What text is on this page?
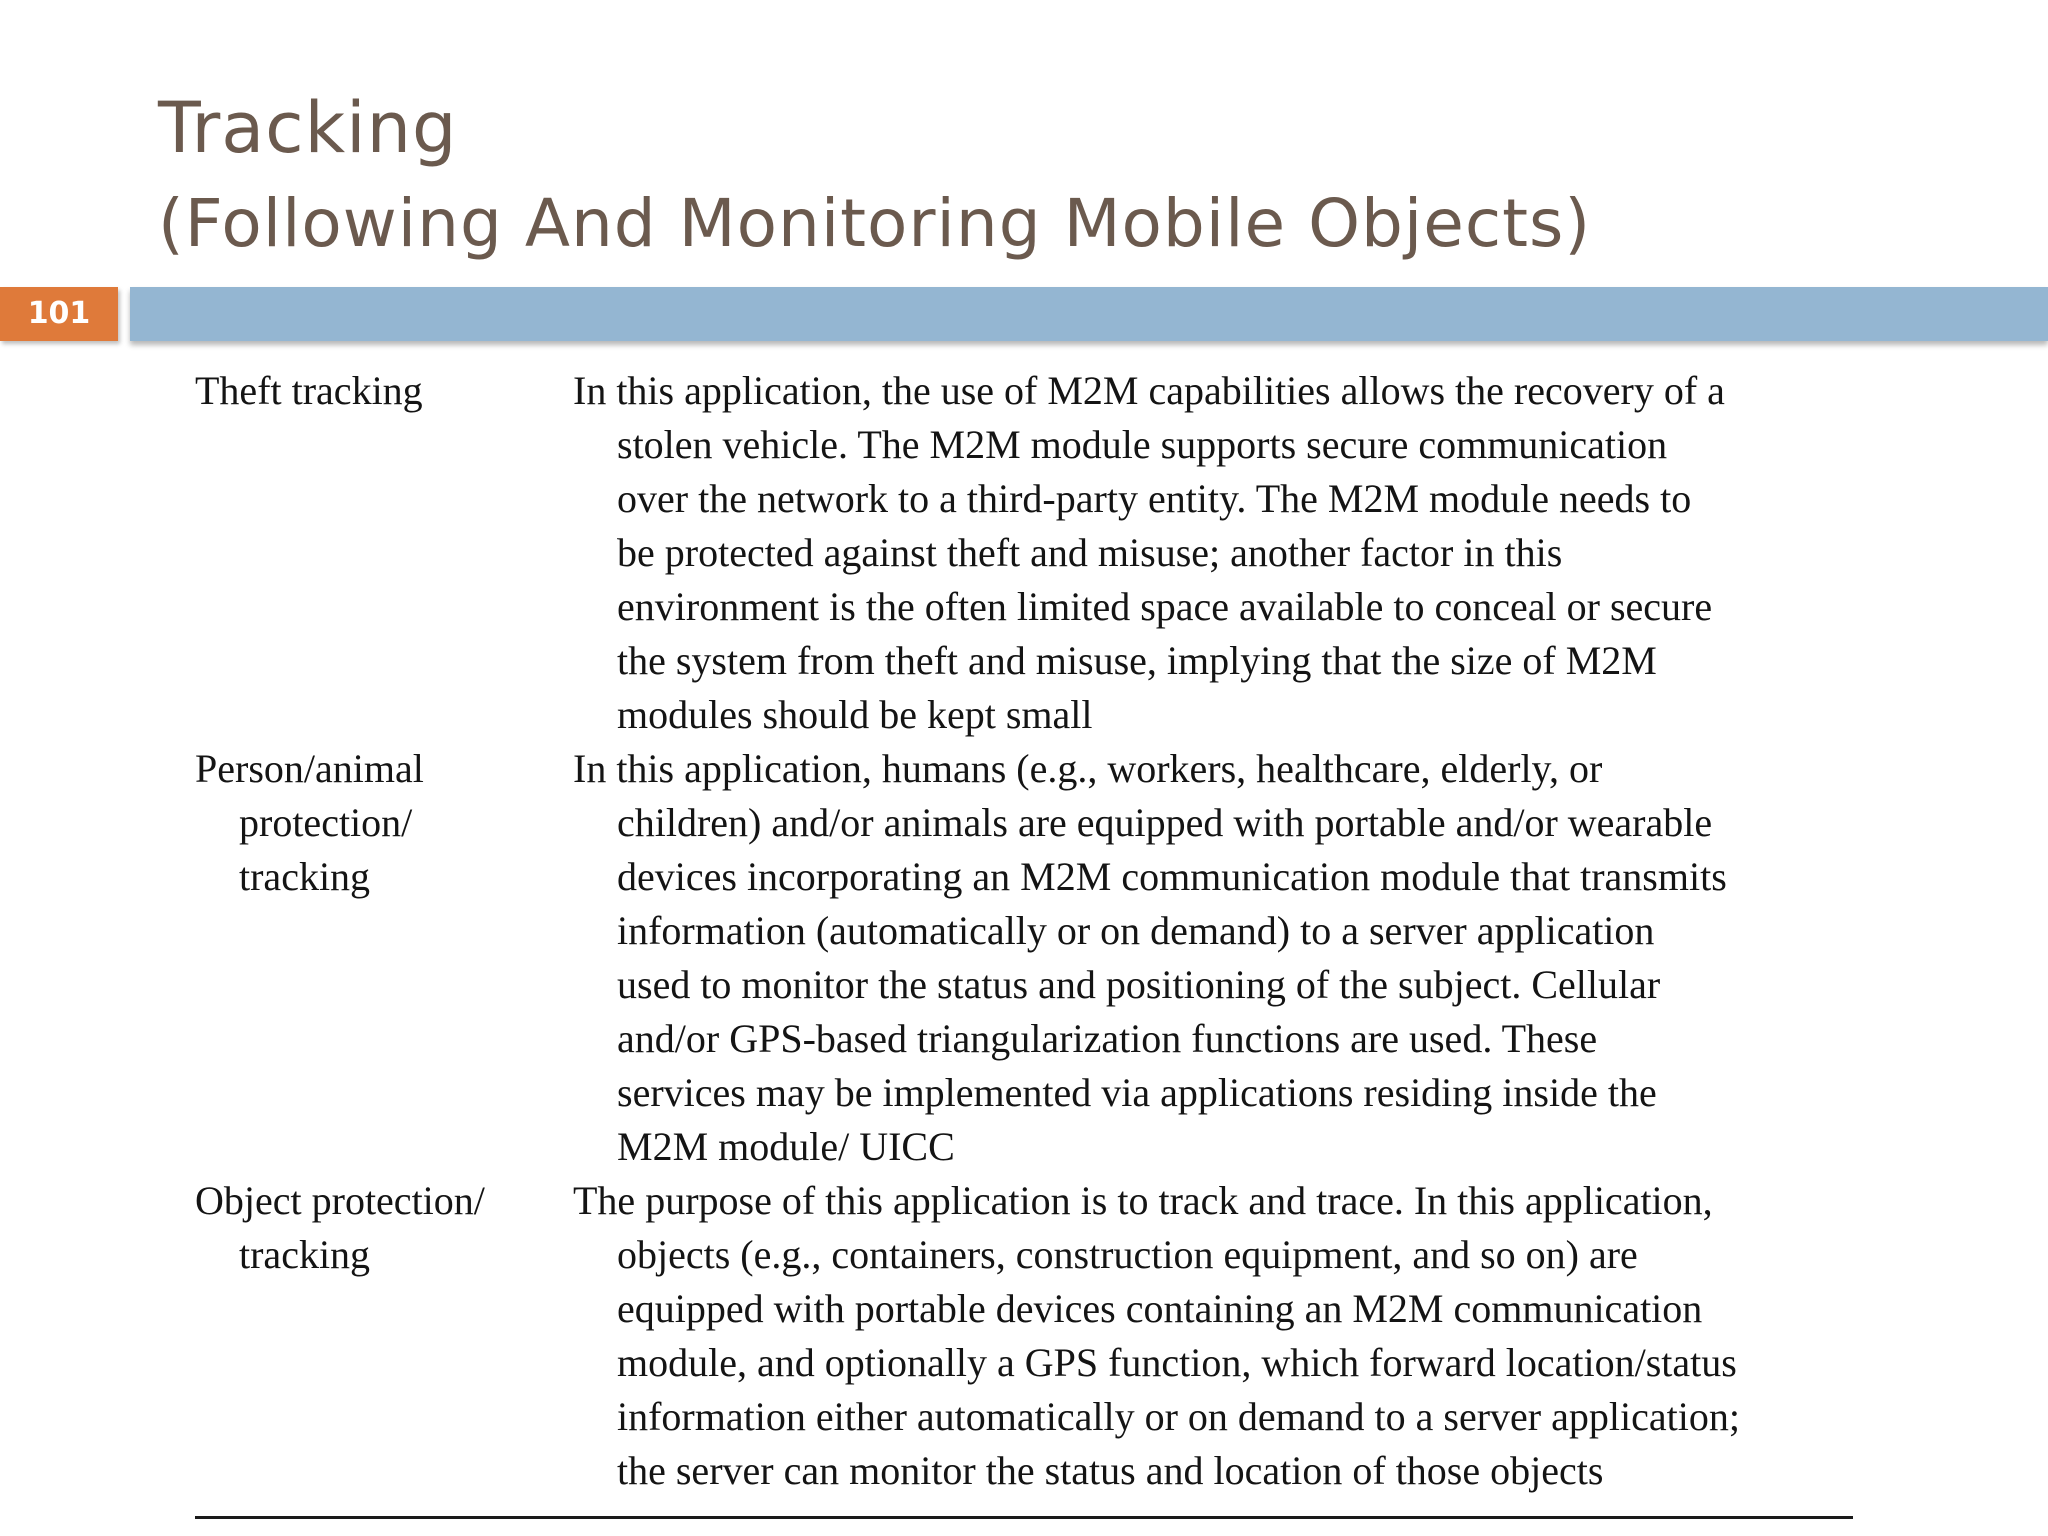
Tracking
(Following And Monitoring Mobile Objects)
101
Theft tracking	In this application, the use of M2M capabilities allows the recovery of a
stolen vehicle. The M2M module supports secure communication
over the network to a third-party entity. The M2M module needs to
be protected against theft and misuse; another factor in this
environment is the often limited space available to conceal or secure
the system from theft and misuse, implying that the size of M2M
modules should be kept small
Person/animal
protection/
tracking
In this application, humans (e.g., workers, healthcare, elderly, or
children) and/or animals are equipped with portable and/or wearable
devices incorporating an M2M communication module that transmits
information (automatically or on demand) to a server application
used to monitor the status and positioning of the subject. Cellular
and/or GPS-based triangularization functions are used. These
services may be implemented via applications residing inside the
M2M module/ UICC
Object protection/
tracking
The purpose of this application is to track and trace. In this application,
objects (e.g., containers, construction equipment, and so on) are
equipped with portable devices containing an M2M communication
module, and optionally a GPS function, which forward location/status
information either automatically or on demand to a server application;
the server can monitor the status and location of those objects
